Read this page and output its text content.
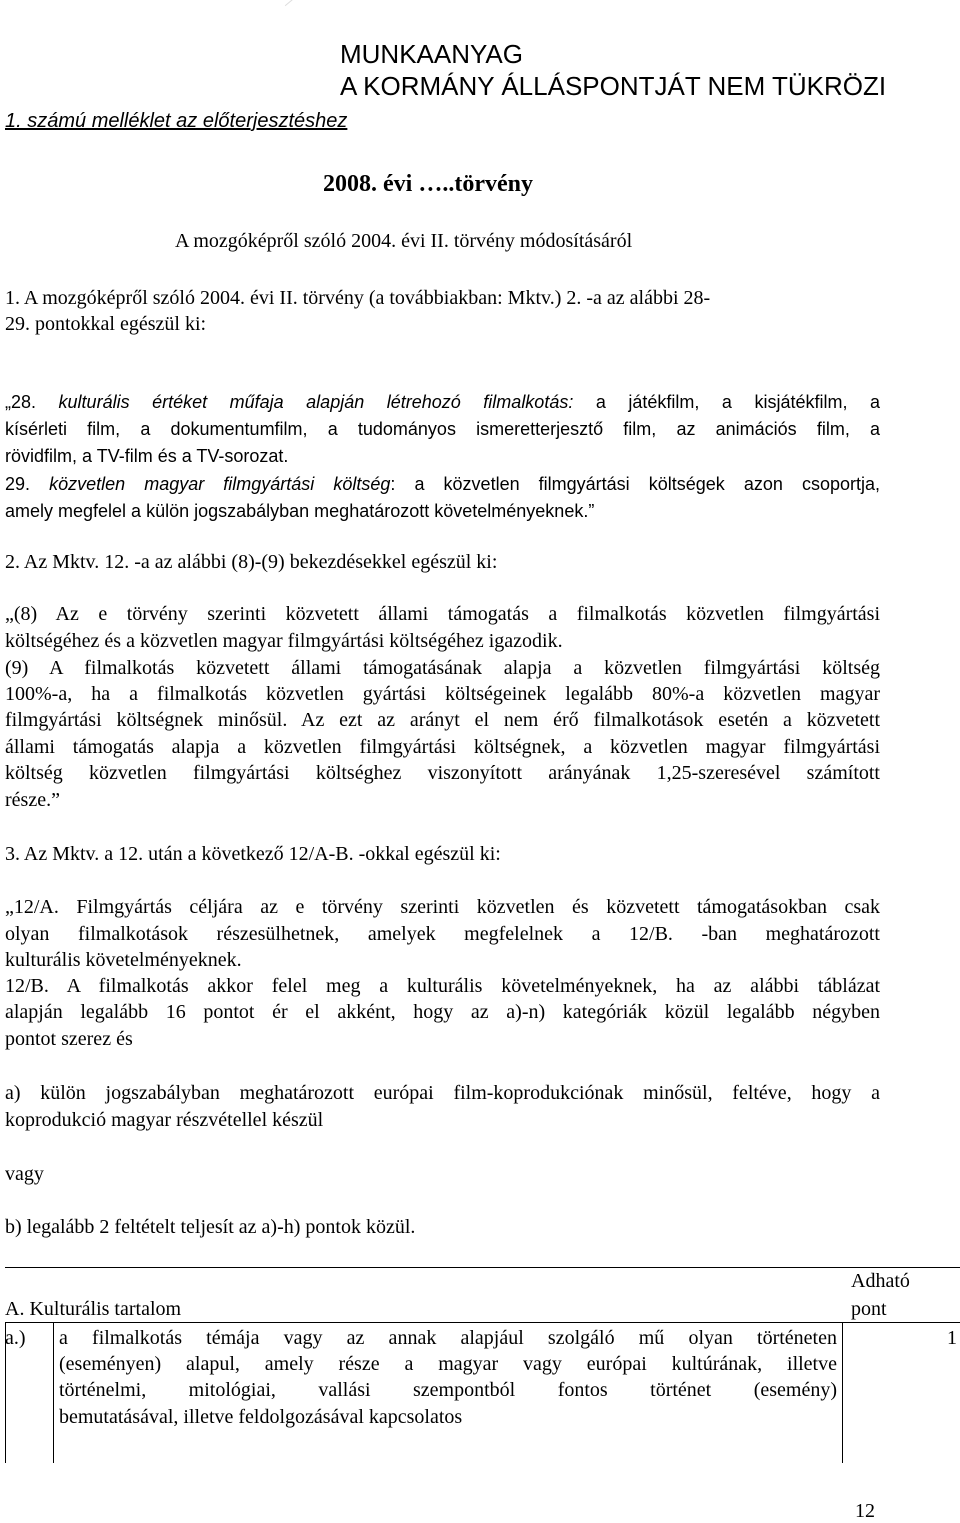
MUNKAANYAG
A KORMÁNY ÁLLÁSPONTJÁT NEM TÜKRÖZI
1. számú melléklet az előterjesztéshez
2008. évi …..törvény
A mozgóképről szóló 2004. évi II. törvény módosításáról
1. A mozgóképről szóló 2004. évi II. törvény (a továbbiakban: Mktv.) 2. -a az alábbi 28-
29. pontokkal egészül ki:
„28. kulturális értéket műfaja alapján létrehozó filmalkotás: a játékfilm, a kisjátékfilm, a
kísérleti film, a dokumentumfilm, a tudományos ismeretterjesztő film, az animációs film, a
rövidfilm, a TV-film és a TV-sorozat.
29. közvetlen magyar filmgyártási költség: a közvetlen filmgyártási költségek azon csoportja,
amely megfelel a külön jogszabályban meghatározott követelményeknek.”
2. Az Mktv. 12. -a az alábbi (8)-(9) bekezdésekkel egészül ki:
„(8) Az e törvény szerinti közvetett állami támogatás a filmalkotás közvetlen filmgyártási
költségéhez és a közvetlen magyar filmgyártási költségéhez igazodik.
(9) A filmalkotás közvetett állami támogatásának alapja a közvetlen filmgyártási költség
100%-a, ha a filmalkotás közvetlen gyártási költségeinek legalább 80%-a közvetlen magyar
filmgyártási költségnek minősül. Az ezt az arányt el nem érő filmalkotások esetén a közvetett
állami támogatás alapja a közvetlen filmgyártási költségnek, a közvetlen magyar filmgyártási
költség közvetlen filmgyártási költséghez viszonyított arányának 1,25-szeresével számított
része.”
3. Az Mktv. a 12. után a következő 12/A-B. -okkal egészül ki:
„12/A. Filmgyártás céljára az e törvény szerinti közvetlen és közvetett támogatásokban csak
olyan filmalkotások részesülhetnek, amelyek megfelelnek a 12/B. -ban meghatározott
kulturális követelményeknek.
12/B. A filmalkotás akkor felel meg a kulturális követelményeknek, ha az alábbi táblázat
alapján legalább 16 pontot ér el akként, hogy az a)-n) kategóriák közül legalább négyben
pontot szerez és
a) külön jogszabályban meghatározott európai film-koprodukciónak minősül, feltéve, hogy a
koprodukció magyar részvétellel készül
vagy
b) legalább 2 feltételt teljesít az a)-h) pontok közül.
A. Kulturális tartalom
Adható
pont
a.) a filmalkotás témája vagy az annak alapjául szolgáló mű olyan történeten
(eseményen) alapul, amely része a magyar vagy európai kultúrának, illetve
történelmi, mitológiai, vallási szempontból fontos történet (esemény)
bemutatásával, illetve feldolgozásával kapcsolatos
1
12
